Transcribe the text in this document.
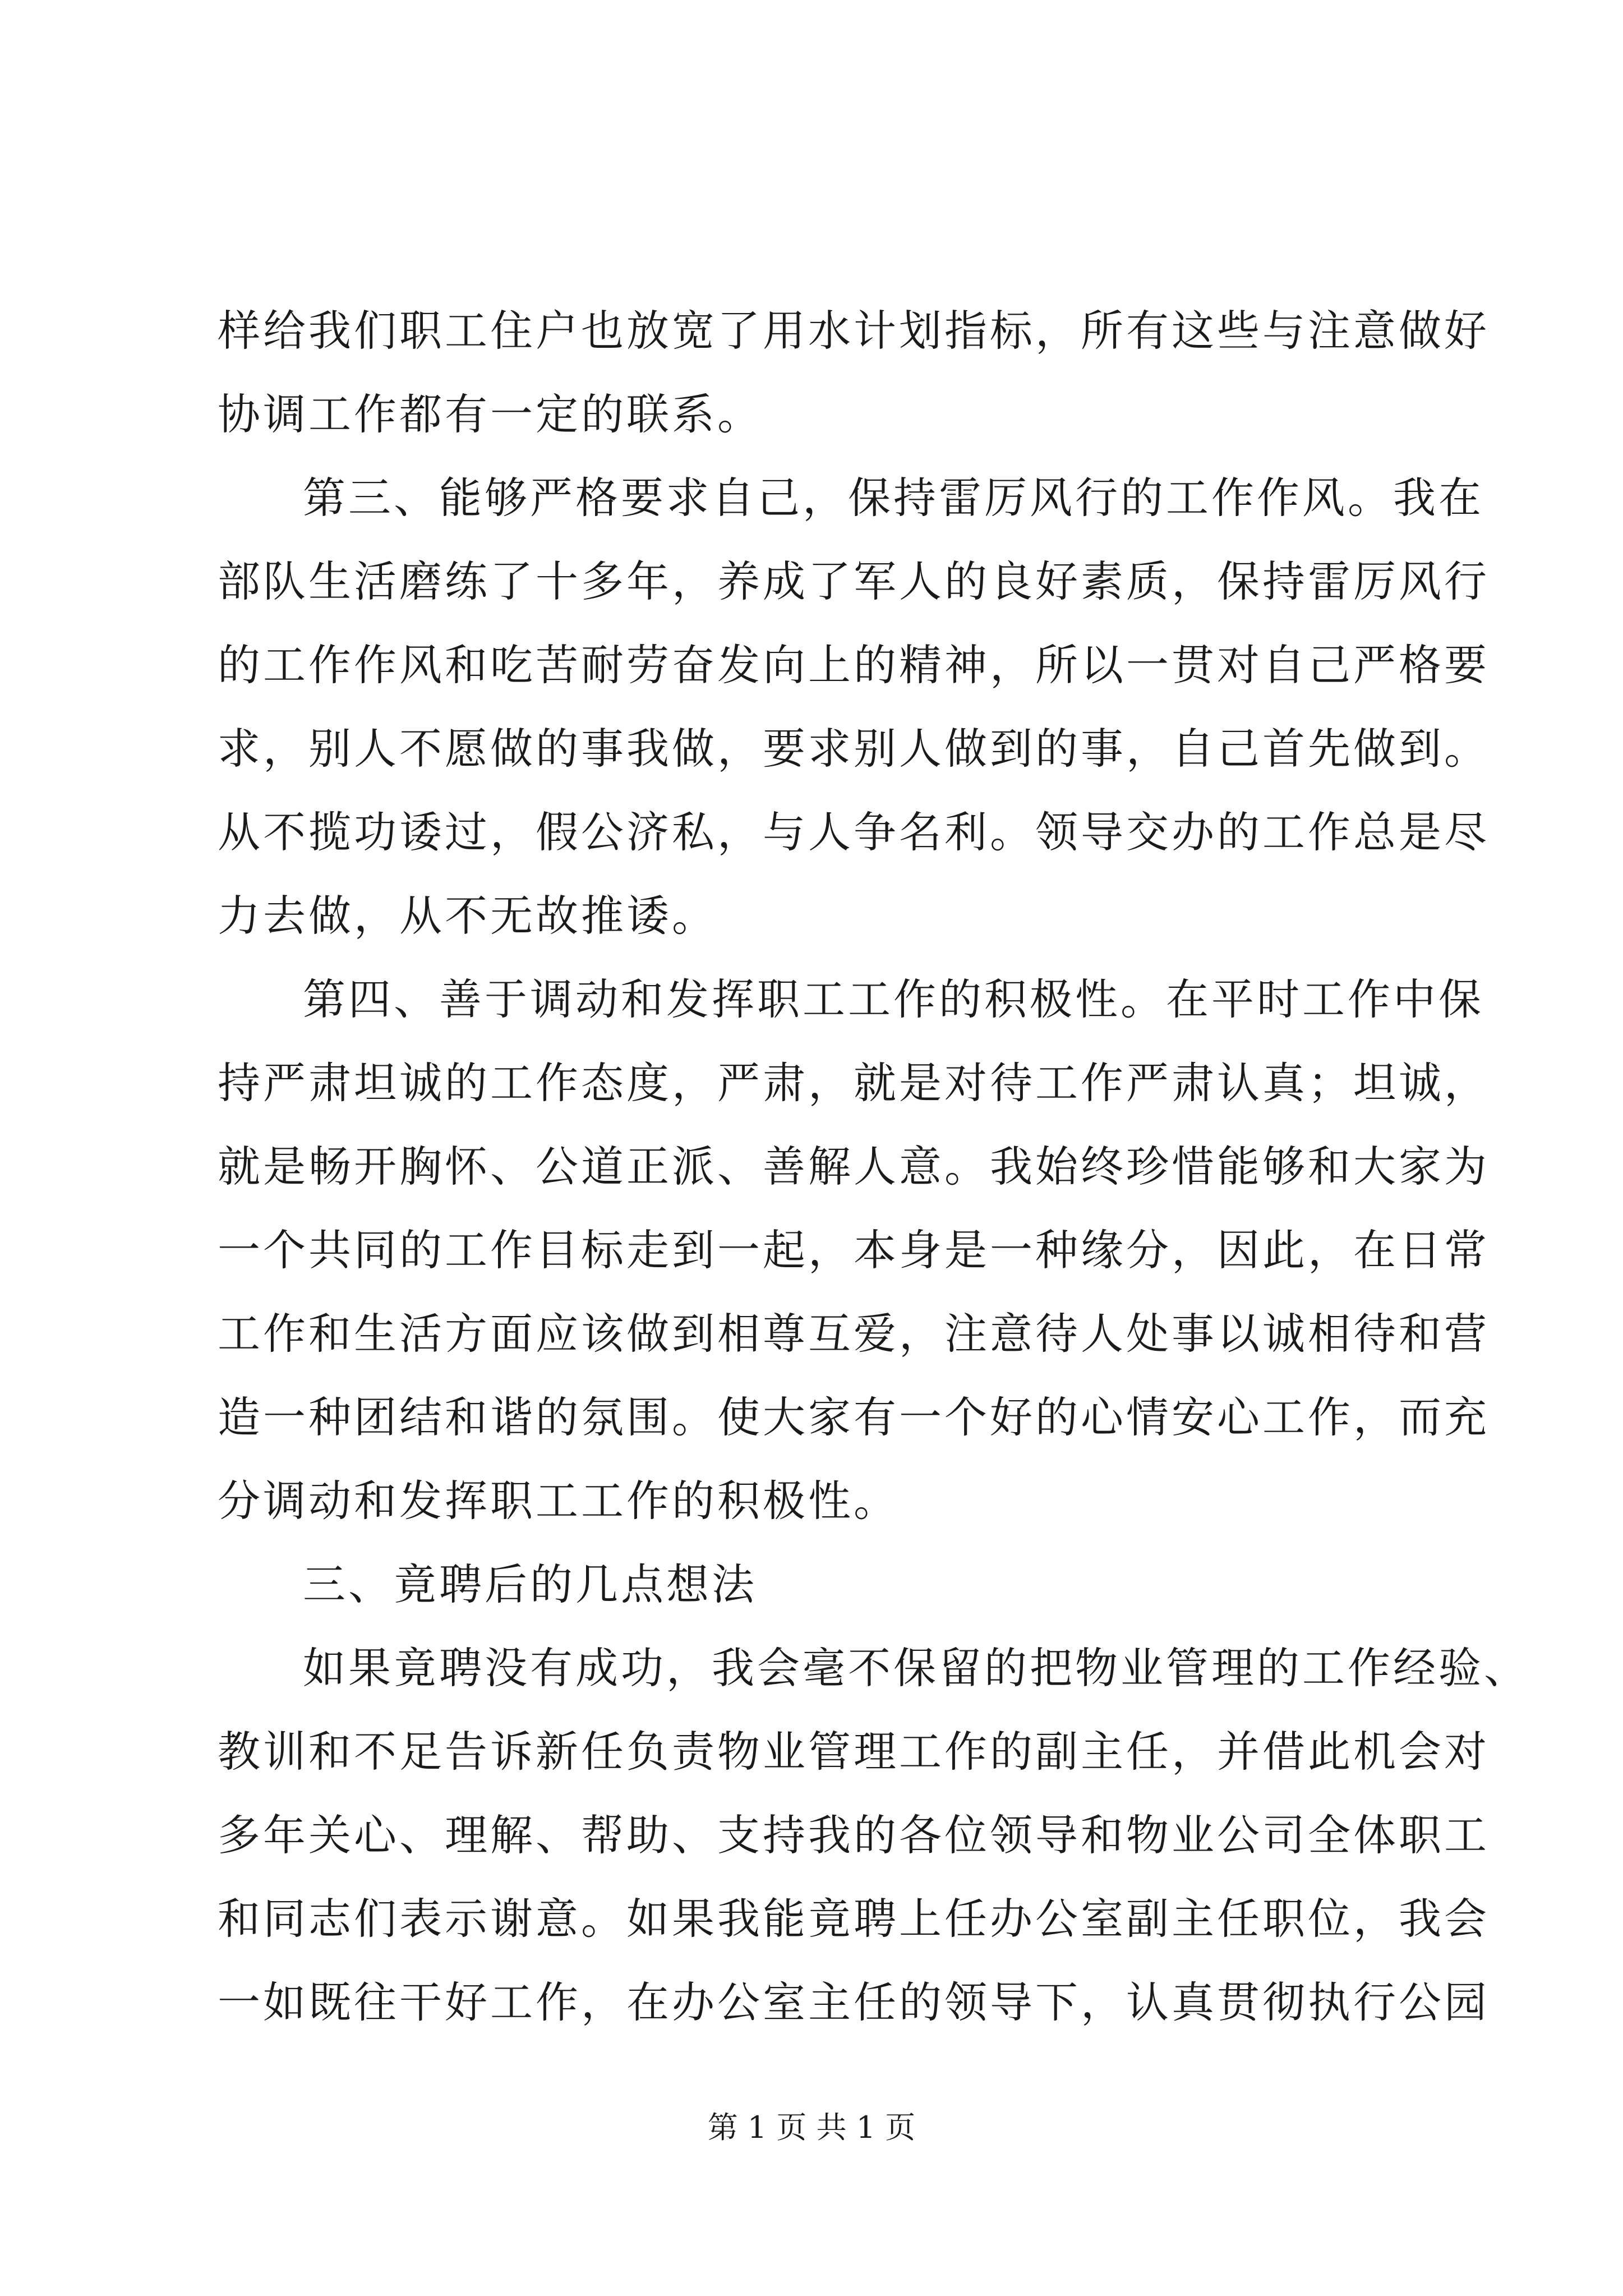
样给我们职工住户也放宽了用水计划指标，所有这些与注意做好
协调工作都有一定的联系。
第三、能够严格要求自己，保持雷厉风行的工作作风。我在
部队生活磨练了十多年，养成了军人的良好素质，保持雷厉风行
的工作作风和吃苦耐劳奋发向上的精神，所以一贯对自己严格要
求，别人不愿做的事我做，要求别人做到的事，自己首先做到。
从不揽功诿过，假公济私，与人争名利。领导交办的工作总是尽
力去做，从不无故推诿。
第四、善于调动和发挥职工工作的积极性。在平时工作中保
持严肃坦诚的工作态度，严肃，就是对待工作严肃认真；坦诚，
就是畅开胸怀、公道正派、善解人意。我始终珍惜能够和大家为
一个共同的工作目标走到一起，本身是一种缘分，因此，在日常
工作和生活方面应该做到相尊互爱，注意待人处事以诚相待和营
造一种团结和谐的氛围。使大家有一个好的心情安心工作，而充
分调动和发挥职工工作的积极性。
三、竟聘后的几点想法
如果竟聘没有成功，我会毫不保留的把物业管理的工作经验、
教训和不足告诉新任负责物业管理工作的副主任，并借此机会对
多年关心、理解、帮助、支持我的各位领导和物业公司全体职工
和同志们表示谢意。如果我能竟聘上任办公室副主任职位，我会
一如既往干好工作，在办公室主任的领导下，认真贯彻执行公园
第 1 页 共 1 页
